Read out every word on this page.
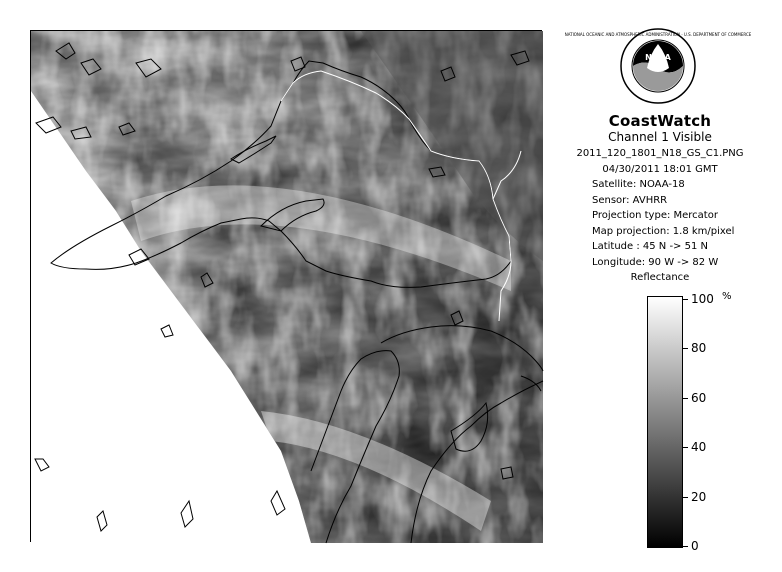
NOAA
NATIONAL OCEANIC AND ATMOSPHERIC ADMINISTRATION · U.S. DEPARTMENT OF COMMERCE
CoastWatch
Channel 1 Visible
2011_120_1801_N18_GS_C1.PNG
04/30/2011 18:01 GMT
Satellite: NOAA-18
Sensor: AVHRR
Projection type: Mercator
Map projection: 1.8 km/pixel
Latitude : 45 N -> 51 N
Longitude: 90 W -> 82 W
Reflectance
%
100
80
60
40
20
0
